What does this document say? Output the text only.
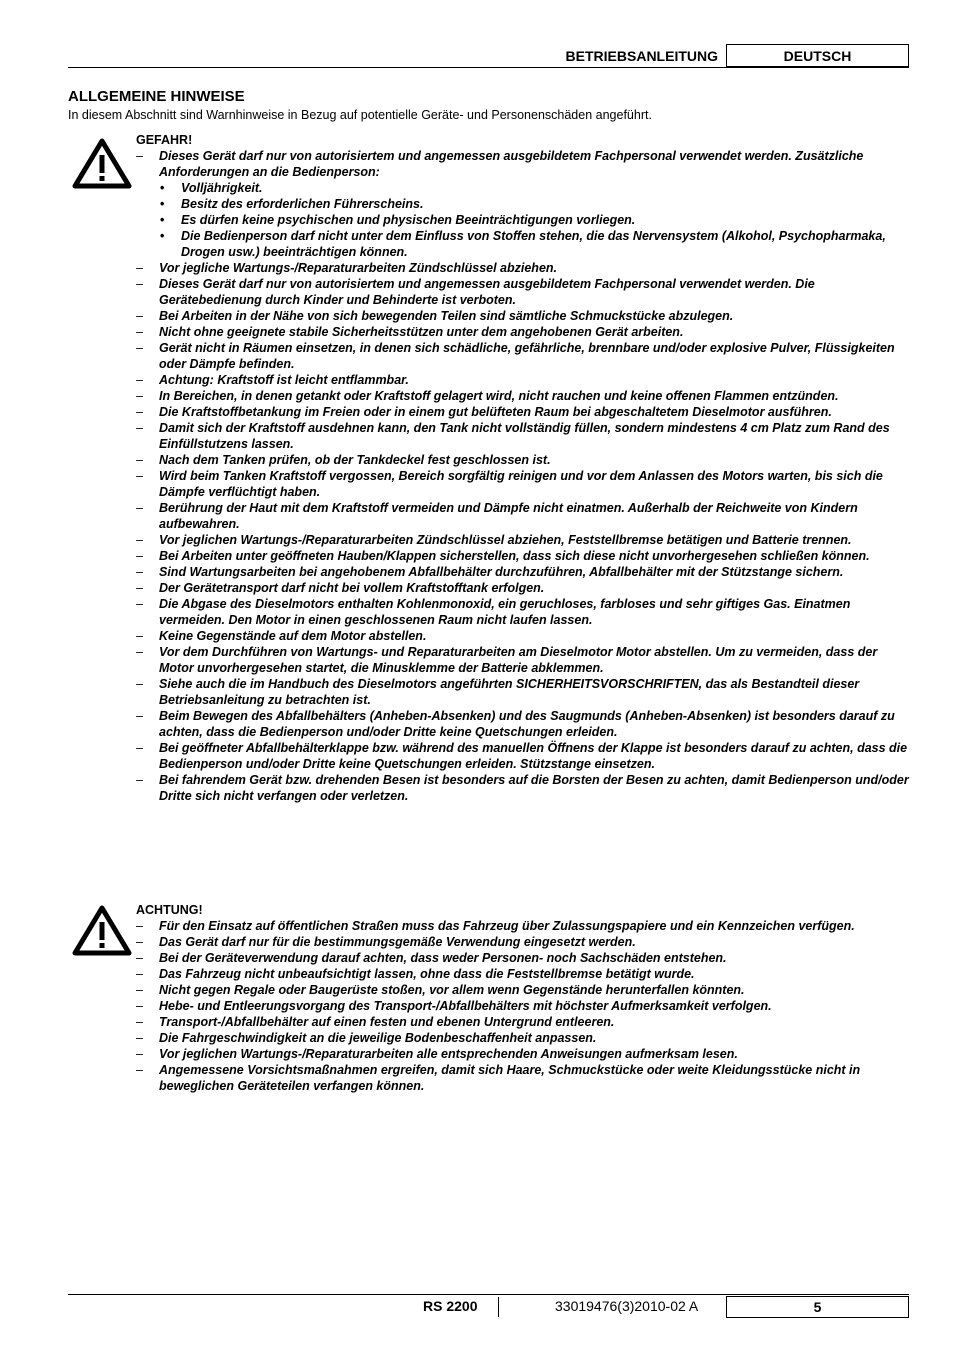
BETRIEBSANLEITUNG	DEUTSCH
ALLGEMEINE HINWEISE
In diesem Abschnitt sind Warnhinweise in Bezug auf potentielle Geräte- und Personenschäden angeführt.
GEFAHR!
– Dieses Gerät darf nur von autorisiertem und angemessen ausgebildetem Fachpersonal verwendet werden. Zusätzliche Anforderungen an die Bedienperson:
• Volljährigkeit.
• Besitz des erforderlichen Führerscheins.
• Es dürfen keine psychischen und physischen Beeinträchtigungen vorliegen.
• Die Bedienperson darf nicht unter dem Einfluss von Stoffen stehen, die das Nervensystem (Alkohol, Psychopharmaka, Drogen usw.) beeinträchtigen können.
– Vor jegliche Wartungs-/Reparaturarbeiten Zündschlüssel abziehen.
– Dieses Gerät darf nur von autorisiertem und angemessen ausgebildetem Fachpersonal verwendet werden. Die Gerätebedienung durch Kinder und Behinderte ist verboten.
– Bei Arbeiten in der Nähe von sich bewegenden Teilen sind sämtliche Schmuckstücke abzulegen.
– Nicht ohne geeignete stabile Sicherheitsstützen unter dem angehobenen Gerät arbeiten.
– Gerät nicht in Räumen einsetzen, in denen sich schädliche, gefährliche, brennbare und/oder explosive Pulver, Flüssigkeiten oder Dämpfe befinden.
– Achtung: Kraftstoff ist leicht entflammbar.
– In Bereichen, in denen getankt oder Kraftstoff gelagert wird, nicht rauchen und keine offenen Flammen entzünden.
– Die Kraftstoffbetankung im Freien oder in einem gut belüfteten Raum bei abgeschaltetem Dieselmotor ausführen.
– Damit sich der Kraftstoff ausdehnen kann, den Tank nicht vollständig füllen, sondern mindestens 4 cm Platz zum Rand des Einfüllstutzens lassen.
– Nach dem Tanken prüfen, ob der Tankdeckel fest geschlossen ist.
– Wird beim Tanken Kraftstoff vergossen, Bereich sorgfältig reinigen und vor dem Anlassen des Motors warten, bis sich die Dämpfe verflüchtigt haben.
– Berührung der Haut mit dem Kraftstoff vermeiden und Dämpfe nicht einatmen. Außerhalb der Reichweite von Kindern aufbewahren.
– Vor jeglichen Wartungs-/Reparaturarbeiten Zündschlüssel abziehen, Feststellbremse betätigen und Batterie trennen.
– Bei Arbeiten unter geöffneten Hauben/Klappen sicherstellen, dass sich diese nicht unvorhergesehen schließen können.
– Sind Wartungsarbeiten bei angehobenem Abfallbehälter durchzuführen, Abfallbehälter mit der Stützstange sichern.
– Der Gerätetransport darf nicht bei vollem Kraftstofftank erfolgen.
– Die Abgase des Dieselmotors enthalten Kohlenmonoxid, ein geruchloses, farbloses und sehr giftiges Gas. Einatmen vermeiden. Den Motor in einen geschlossenen Raum nicht laufen lassen.
– Keine Gegenstände auf dem Motor abstellen.
– Vor dem Durchführen von Wartungs- und Reparaturarbeiten am Dieselmotor Motor abstellen. Um zu vermeiden, dass der Motor unvorhergesehen startet, die Minusklemme der Batterie abklemmen.
– Siehe auch die im Handbuch des Dieselmotors angeführten SICHERHEITSVORSCHRIFTEN, das als Bestandteil dieser Betriebsanleitung zu betrachten ist.
– Beim Bewegen des Abfallbehälters (Anheben-Absenken) und des Saugmunds (Anheben-Absenken) ist besonders darauf zu achten, dass die Bedienperson und/oder Dritte keine Quetschungen erleiden.
– Bei geöffneter Abfallbehälterklappe bzw. während des manuellen Öffnens der Klappe ist besonders darauf zu achten, dass die Bedienperson und/oder Dritte keine Quetschungen erleiden. Stützstange einsetzen.
– Bei fahrendem Gerät bzw. drehenden Besen ist besonders auf die Borsten der Besen zu achten, damit Bedienperson und/oder Dritte sich nicht verfangen oder verletzen.
ACHTUNG!
– Für den Einsatz auf öffentlichen Straßen muss das Fahrzeug über Zulassungspapiere und ein Kennzeichen verfügen.
– Das Gerät darf nur für die bestimmungsgemäße Verwendung eingesetzt werden.
– Bei der Geräteverwendung darauf achten, dass weder Personen- noch Sachschäden entstehen.
– Das Fahrzeug nicht unbeaufsichtigt lassen, ohne dass die Feststellbremse betätigt wurde.
– Nicht gegen Regale oder Baugerüste stoßen, vor allem wenn Gegenstände herunterfallen könnten.
– Hebe- und Entleerungsvorgang des Transport-/Abfallbehälters mit höchster Aufmerksamkeit verfolgen.
– Transport-/Abfallbehälter auf einen festen und ebenen Untergrund entleeren.
– Die Fahrgeschwindigkeit an die jeweilige Bodenbeschaffenheit anpassen.
– Vor jeglichen Wartungs-/Reparaturarbeiten alle entsprechenden Anweisungen aufmerksam lesen.
– Angemessene Vorsichtsmaßnahmen ergreifen, damit sich Haare, Schmuckstücke oder weite Kleidungsstücke nicht in beweglichen Geräteteilen verfangen können.
RS 2200	33019476(3)2010-02 A	5
